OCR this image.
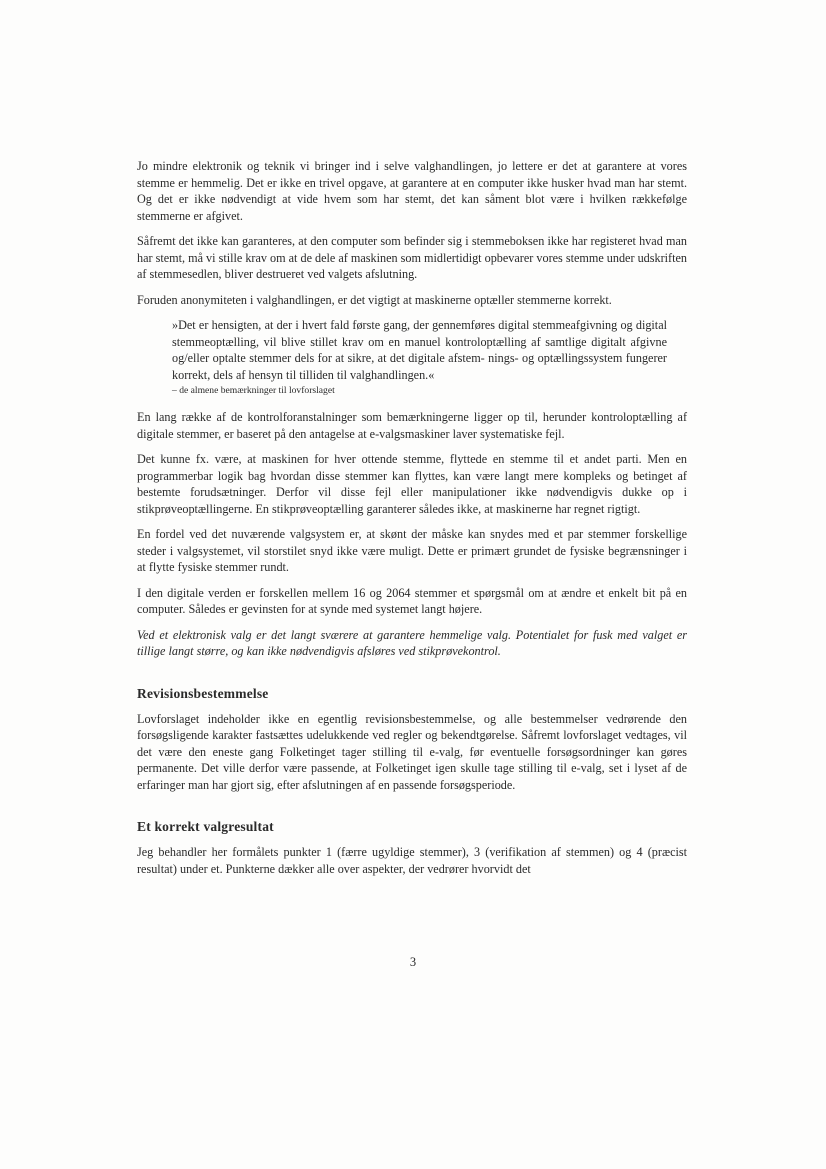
Jo mindre elektronik og teknik vi bringer ind i selve valghandlingen, jo lettere er det at garantere at vores stemme er hemmelig. Det er ikke en trivel opgave, at garantere at en computer ikke husker hvad man har stemt. Og det er ikke nødvendigt at vide hvem som har stemt, det kan såment blot være i hvilken rækkefølge stemmerne er afgivet.

Såfremt det ikke kan garanteres, at den computer som befinder sig i stemmeboksen ikke har registeret hvad man har stemt, må vi stille krav om at de dele af maskinen som midlertidigt opbevarer vores stemme under udskriften af stemmesedlen, bliver destrueret ved valgets afslutning.

Foruden anonymiteten i valghandlingen, er det vigtigt at maskinerne optæller stemmerne korrekt.

»Det er hensigten, at der i hvert fald første gang, der gennemføres digital stemmeafgivning og digital stemmeoptælling, vil blive stillet krav om en manuel kontroloptælling af samtlige digitalt afgivne og/eller optalte stemmer dels for at sikre, at det digitale afstem- nings- og optællingssystem fungerer korrekt, dels af hensyn til tilliden til valghandlingen.«

– de almene bemærkninger til lovforslaget

En lang række af de kontrolforanstalninger som bemærkningerne ligger op til, herunder kontroloptælling af digitale stemmer, er baseret på den antagelse at e-valgsmaskiner laver systematiske fejl.

Det kunne fx. være, at maskinen for hver ottende stemme, flyttede en stemme til et andet parti. Men en programmerbar logik bag hvordan disse stemmer kan flyttes, kan være langt mere kompleks og betinget af bestemte forudsætninger. Derfor vil disse fejl eller manipulationer ikke nødvendigvis dukke op i stikprøveoptællingerne. En stikprøveoptælling garanterer således ikke, at maskinerne har regnet rigtigt.

En fordel ved det nuværende valgsystem er, at skønt der måske kan snydes med et par stemmer forskellige steder i valgsystemet, vil storstilet snyd ikke være muligt. Dette er primært grundet de fysiske begrænsninger i at flytte fysiske stemmer rundt.

I den digitale verden er forskellen mellem 16 og 2064 stemmer et spørgsmål om at ændre et enkelt bit på en computer. Således er gevinsten for at synde med systemet langt højere.

Ved et elektronisk valg er det langt sværere at garantere hemmelige valg. Potentialet for fusk med valget er tillige langt større, og kan ikke nødvendigvis afsløres ved stikprøvekontrol.

Revisionsbestemmelse

Lovforslaget indeholder ikke en egentlig revisionsbestemmelse, og alle bestemmelser vedrørende den forsøgsligende karakter fastsættes udelukkende ved regler og bekendtgørelse. Såfremt lovforslaget vedtages, vil det være den eneste gang Folketinget tager stilling til e-valg, før eventuelle forsøgsordninger kan gøres permanente. Det ville derfor være passende, at Folketinget igen skulle tage stilling til e-valg, set i lyset af de erfaringer man har gjort sig, efter afslutningen af en passende forsøgsperiode.

Et korrekt valgresultat

Jeg behandler her formålets punkter 1 (færre ugyldige stemmer), 3 (verifikation af stemmen) og 4 (præcist resultat) under et. Punkterne dækker alle over aspekter, der vedrører hvorvidt det

3
